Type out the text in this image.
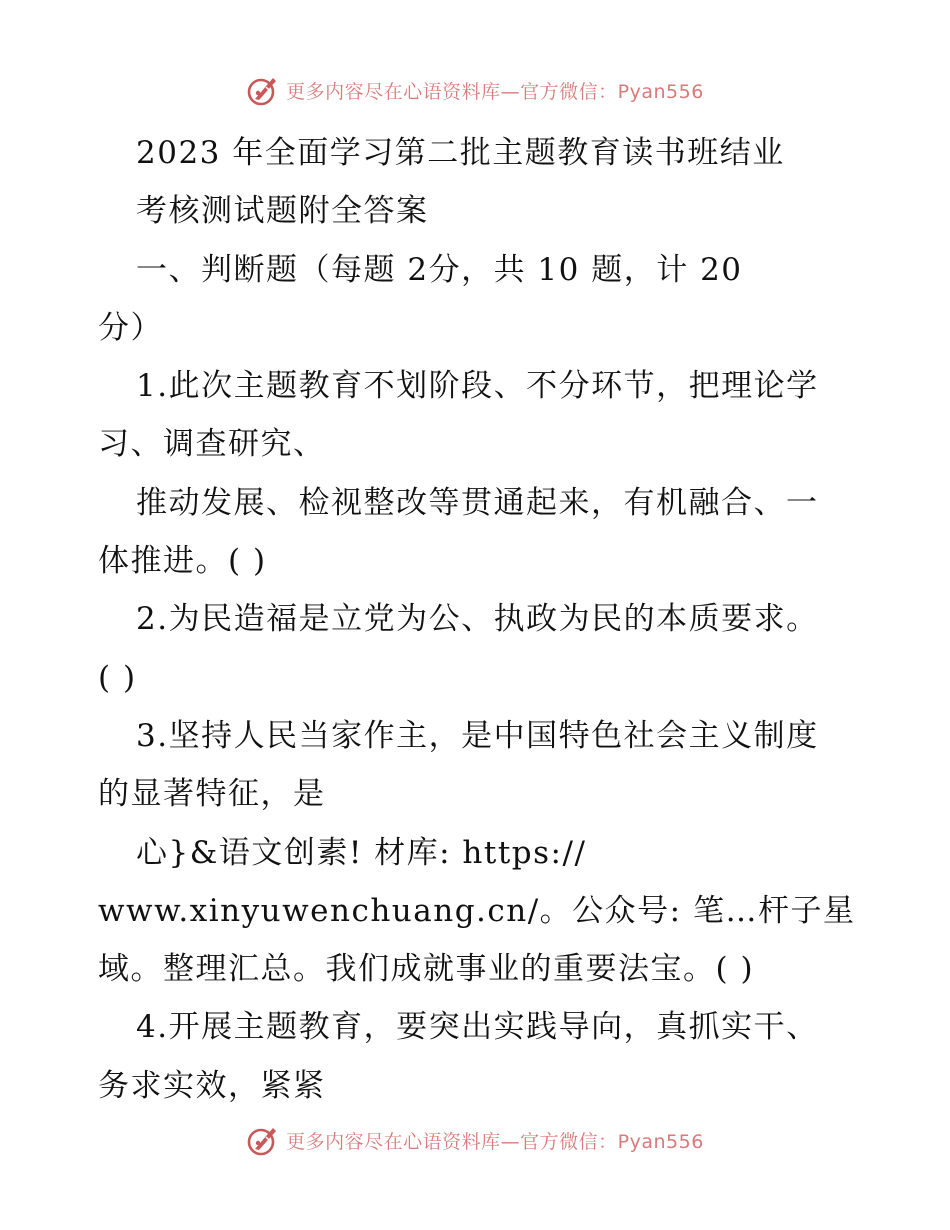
更多内容尽在心语资料库—官方微信：Pyan556
2023 年全面学习第二批主题教育读书班结业
考核测试题附全答案
一、判断题（每题 2分，共 10 题，计 20
分）
1.此次主题教育不划阶段、不分环节，把理论学
习、调查研究、
推动发展、检视整改等贯通起来，有机融合、一
体推进。( )
2.为民造福是立党为公、执政为民的本质要求。
( )
3.坚持人民当家作主，是中国特色社会主义制度
的显著特征，是
心}&语文创素! 材库: https://
www.xinyuwenchuang.cn/。公众号: 笔…杆子星
域。整理汇总。我们成就事业的重要法宝。( )
4.开展主题教育，要突出实践导向，真抓实干、
务求实效，紧紧
更多内容尽在心语资料库—官方微信：Pyan556
